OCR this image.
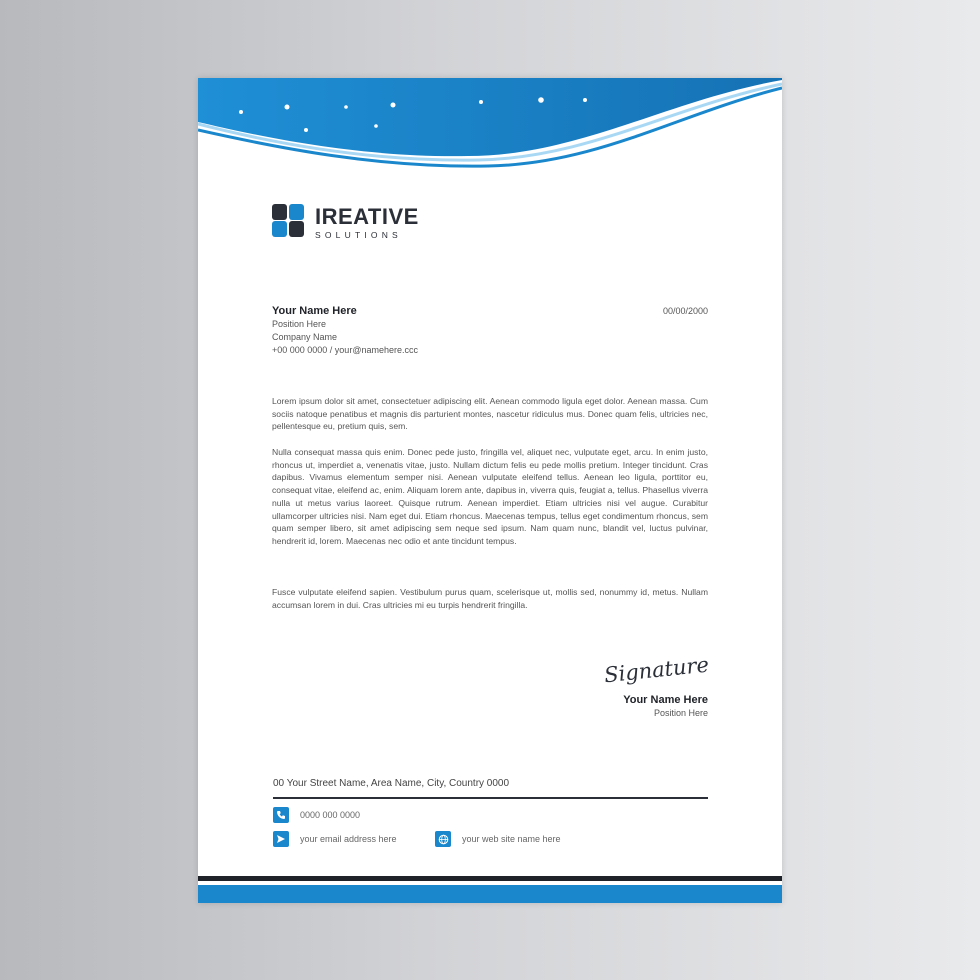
IREATIVE
SOLUTIONS
Your Name Here
Position Here
Company Name
+00 000 0000 / your@namehere.ccc
00/00/2000

Lorem ipsum dolor sit amet, consectetuer adipiscing elit. Aenean commodo ligula eget dolor. Aenean massa. Cum sociis natoque penatibus et magnis dis parturient montes, nascetur ridiculus mus. Donec quam felis, ultricies nec, pellentesque eu, pretium quis, sem.

Nulla consequat massa quis enim. Donec pede justo, fringilla vel, aliquet nec, vulputate eget, arcu. In enim justo, rhoncus ut, imperdiet a, venenatis vitae, justo. Nullam dictum felis eu pede mollis pretium. Integer tincidunt. Cras dapibus. Vivamus elementum semper nisi. Aenean vulputate eleifend tellus. Aenean leo ligula, porttitor eu, consequat vitae, eleifend ac, enim. Aliquam lorem ante, dapibus in, viverra quis, feugiat a, tellus. Phasellus viverra nulla ut metus varius laoreet. Quisque rutrum. Aenean imperdiet. Etiam ultricies nisi vel augue. Curabitur ullamcorper ultricies nisi. Nam eget dui. Etiam rhoncus. Maecenas tempus, tellus eget condimentum rhoncus, sem quam semper libero, sit amet adipiscing sem neque sed ipsum. Nam quam nunc, blandit vel, luctus pulvinar, hendrerit id, lorem. Maecenas nec odio et ante tincidunt tempus.

Fusce vulputate eleifend sapien. Vestibulum purus quam, scelerisque ut, mollis sed, nonummy id, metus. Nullam accumsan lorem in dui. Cras ultricies mi eu turpis hendrerit fringilla.

Signature
Your Name Here
Position Here
00 Your Street Name, Area Name, City, Country 0000
0000 000 0000
your email address here	your web site name here
